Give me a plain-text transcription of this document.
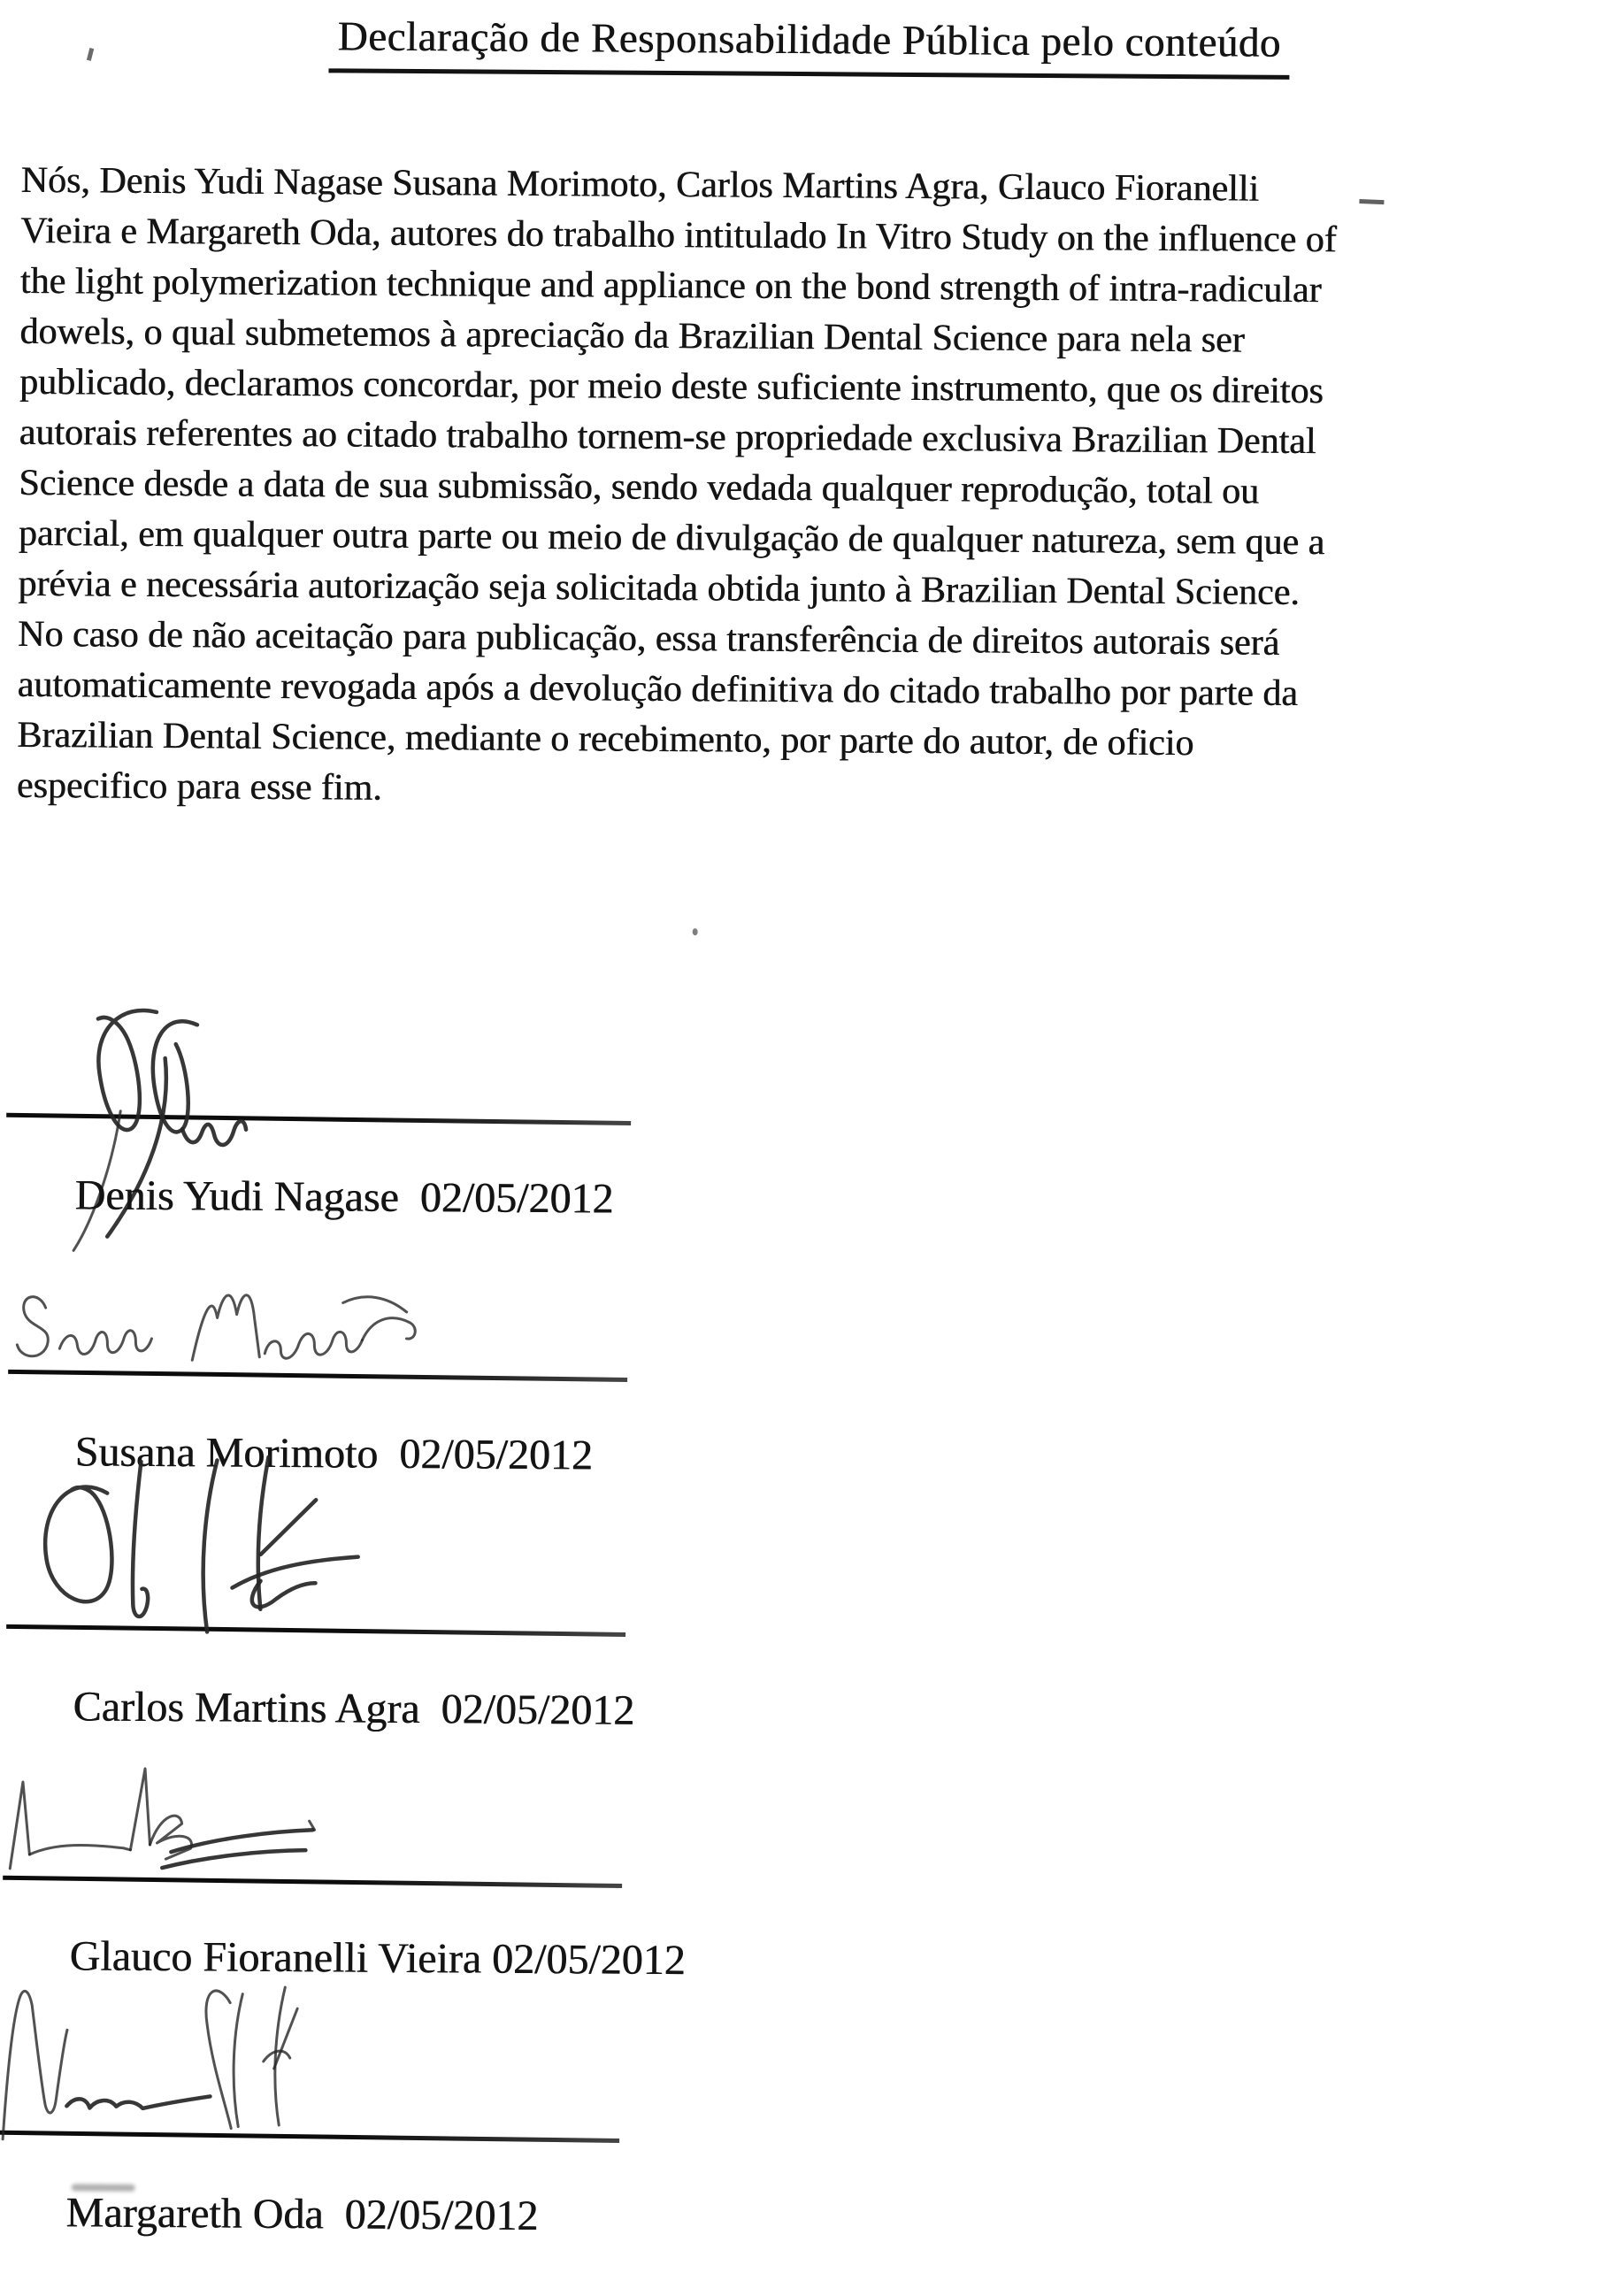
Declaração de Responsabilidade Pública pelo conteúdo
Nós, Denis Yudi Nagase Susana Morimoto, Carlos Martins Agra, Glauco Fioranelli
Vieira e Margareth Oda, autores do trabalho intitulado In Vitro Study on the influence of
the light polymerization technique and appliance on the bond strength of intra-radicular
dowels, o qual submetemos à apreciação da Brazilian Dental Science para nela ser
publicado, declaramos concordar, por meio deste suficiente instrumento, que os direitos
autorais referentes ao citado trabalho tornem-se propriedade exclusiva Brazilian Dental
Science desde a data de sua submissão, sendo vedada qualquer reprodução, total ou
parcial, em qualquer outra parte ou meio de divulgação de qualquer natureza, sem que a
prévia e necessária autorização seja solicitada obtida junto à Brazilian Dental Science.
No caso de não aceitação para publicação, essa transferência de direitos autorais será
automaticamente revogada após a devolução definitiva do citado trabalho por parte da
Brazilian Dental Science, mediante o recebimento, por parte do autor, de oficio
especifico para esse fim.

Denis Yudi Nagase 02/05/2012

Susana Morimoto 02/05/2012

Carlos Martins Agra 02/05/2012

Glauco Fioranelli Vieira 02/05/2012

Margareth Oda 02/05/2012
